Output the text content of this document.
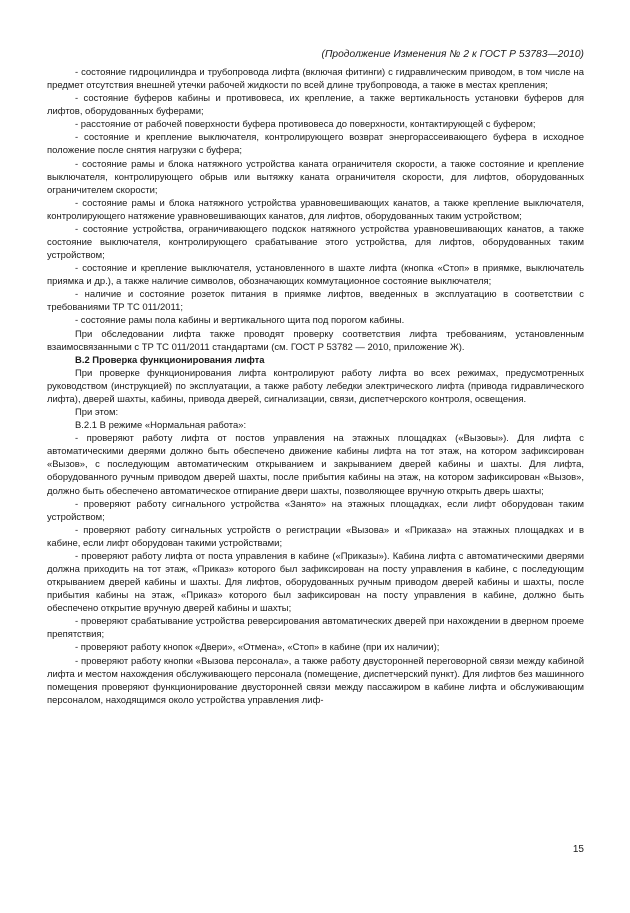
(Продолжение Изменения № 2 к ГОСТ Р 53783—2010)

- состояние гидроцилиндра и трубопровода лифта (включая фитинги) с гидравлическим приводом, в том числе на предмет отсутствия внешней утечки рабочей жидкости по всей длине трубопровода, а также в местах крепления;

- состояние буферов кабины и противовеса, их крепление, а также вертикальность установки буферов для лифтов, оборудованных буферами;

- расстояние от рабочей поверхности буфера противовеса до поверхности, контактирующей с буфером;

- состояние и крепление выключателя, контролирующего возврат энергорассеивающего буфера в исходное положение после снятия нагрузки с буфера;

- состояние рамы и блока натяжного устройства каната ограничителя скорости, а также состояние и крепление выключателя, контролирующего обрыв или вытяжку каната ограничителя скорости, для лифтов, оборудованных ограничителем скорости;

- состояние рамы и блока натяжного устройства уравновешивающих канатов, а также крепление выключателя, контролирующего натяжение уравновешивающих канатов, для лифтов, оборудованных таким устройством;

- состояние устройства, ограничивающего подскок натяжного устройства уравновешивающих канатов, а также состояние выключателя, контролирующего срабатывание этого устройства, для лифтов, оборудованных таким устройством;

- состояние и крепление выключателя, установленного в шахте лифта (кнопка «Стоп» в приямке, выключатель приямка и др.), а также наличие символов, обозначающих коммутационное состояние выключателя;

- наличие и состояние розеток питания в приямке лифтов, введенных в эксплуатацию в соответствии с требованиями ТР ТС 011/2011;

- состояние рамы пола кабины и вертикального щита под порогом кабины.

При обследовании лифта также проводят проверку соответствия лифта требованиям, установленным взаимосвязанными с ТР ТС 011/2011 стандартами (см. ГОСТ Р 53782 — 2010, приложение Ж).

В.2 Проверка функционирования лифта

При проверке функционирования лифта контролируют работу лифта во всех режимах, предусмотренных руководством (инструкцией) по эксплуатации, а также работу лебедки электрического лифта (привода гидравлического лифта), дверей шахты, кабины, привода дверей, сигнализации, связи, диспетчерского контроля, освещения.

При этом:

В.2.1 В режиме «Нормальная работа»:

- проверяют работу лифта от постов управления на этажных площадках («Вызовы»). Для лифта с автоматическими дверями должно быть обеспечено движение кабины лифта на тот этаж, на котором зафиксирован «Вызов», с последующим автоматическим открыванием и закрыванием дверей кабины и шахты. Для лифта, оборудованного ручным приводом дверей шахты, после прибытия кабины на этаж, на котором зафиксирован «Вызов», должно быть обеспечено автоматическое отпирание двери шахты, позволяющее вручную открыть дверь шахты;

- проверяют работу сигнального устройства «Занято» на этажных площадках, если лифт оборудован таким устройством;

- проверяют работу сигнальных устройств о регистрации «Вызова» и «Приказа» на этажных площадках и в кабине, если лифт оборудован такими устройствами;

- проверяют работу лифта от поста управления в кабине («Приказы»). Кабина лифта с автоматическими дверями должна приходить на тот этаж, «Приказ» которого был зафиксирован на посту управления в кабине, с последующим открыванием дверей кабины и шахты. Для лифтов, оборудованных ручным приводом дверей кабины и шахты, после прибытия кабины на этаж, «Приказ» которого был зафиксирован на посту управления в кабине, должно быть обеспечено открытие вручную дверей кабины и шахты;

- проверяют срабатывание устройства реверсирования автоматических дверей при нахождении в дверном проеме препятствия;

- проверяют работу кнопок «Двери», «Отмена», «Стоп» в кабине (при их наличии);

- проверяют работу кнопки «Вызова персонала», а также работу двусторонней переговорной связи между кабиной лифта и местом нахождения обслуживающего персонала (помещение, диспетчерский пункт). Для лифтов без машинного помещения проверяют функционирование двусторонней связи между пассажиром в кабине лифта и обслуживающим персоналом, находящимся около устройства управления лиф-

15
